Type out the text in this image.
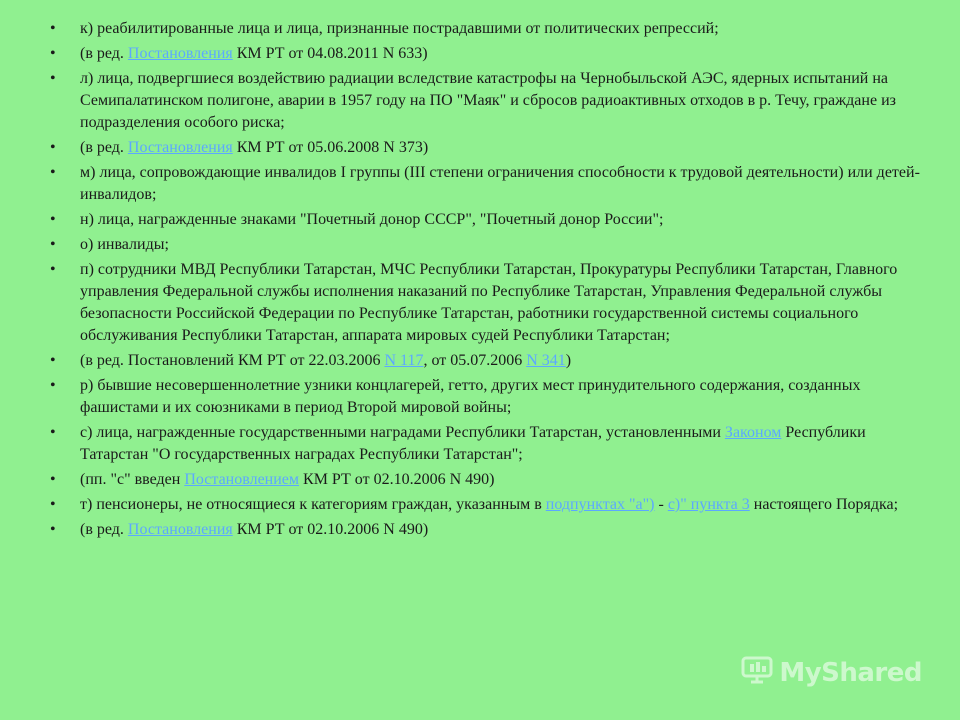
•	к) реабилитированные лица и лица, признанные пострадавшими от политических репрессий;
•	(в ред. Постановления КМ РТ от 04.08.2011 N 633)
•	л) лица, подвергшиеся воздействию радиации вследствие катастрофы на Чернобыльской АЭС, ядерных испытаний на Семипалатинском полигоне, аварии в 1957 году на ПО "Маяк" и сбросов радиоактивных отходов в р. Течу, граждане из подразделения особого риска;
•	(в ред. Постановления КМ РТ от 05.06.2008 N 373)
•	м) лица, сопровождающие инвалидов I группы (III степени ограничения способности к трудовой деятельности) или детей-инвалидов;
•	н) лица, награжденные знаками "Почетный донор СССР", "Почетный донор России";
•	о) инвалиды;
•	п) сотрудники МВД Республики Татарстан, МЧС Республики Татарстан, Прокуратуры Республики Татарстан, Главного управления Федеральной службы исполнения наказаний по Республике Татарстан, Управления Федеральной службы безопасности Российской Федерации по Республике Татарстан, работники государственной системы социального обслуживания Республики Татарстан, аппарата мировых судей Республики Татарстан;
•	(в ред. Постановлений КМ РТ от 22.03.2006 N 117, от 05.07.2006 N 341)
•	р) бывшие несовершеннолетние узники концлагерей, гетто, других мест принудительного содержания, созданных фашистами и их союзниками в период Второй мировой войны;
•	с) лица, награжденные государственными наградами Республики Татарстан, установленными Законом Республики Татарстан "О государственных наградах Республики Татарстан";
•	(пп. "с" введен Постановлением КМ РТ от 02.10.2006 N 490)
•	т) пенсионеры, не относящиеся к категориям граждан, указанным в подпунктах "а") - с)" пункта 3 настоящего Порядка;
•	(в ред. Постановления КМ РТ от 02.10.2006 N 490)
MyShared
